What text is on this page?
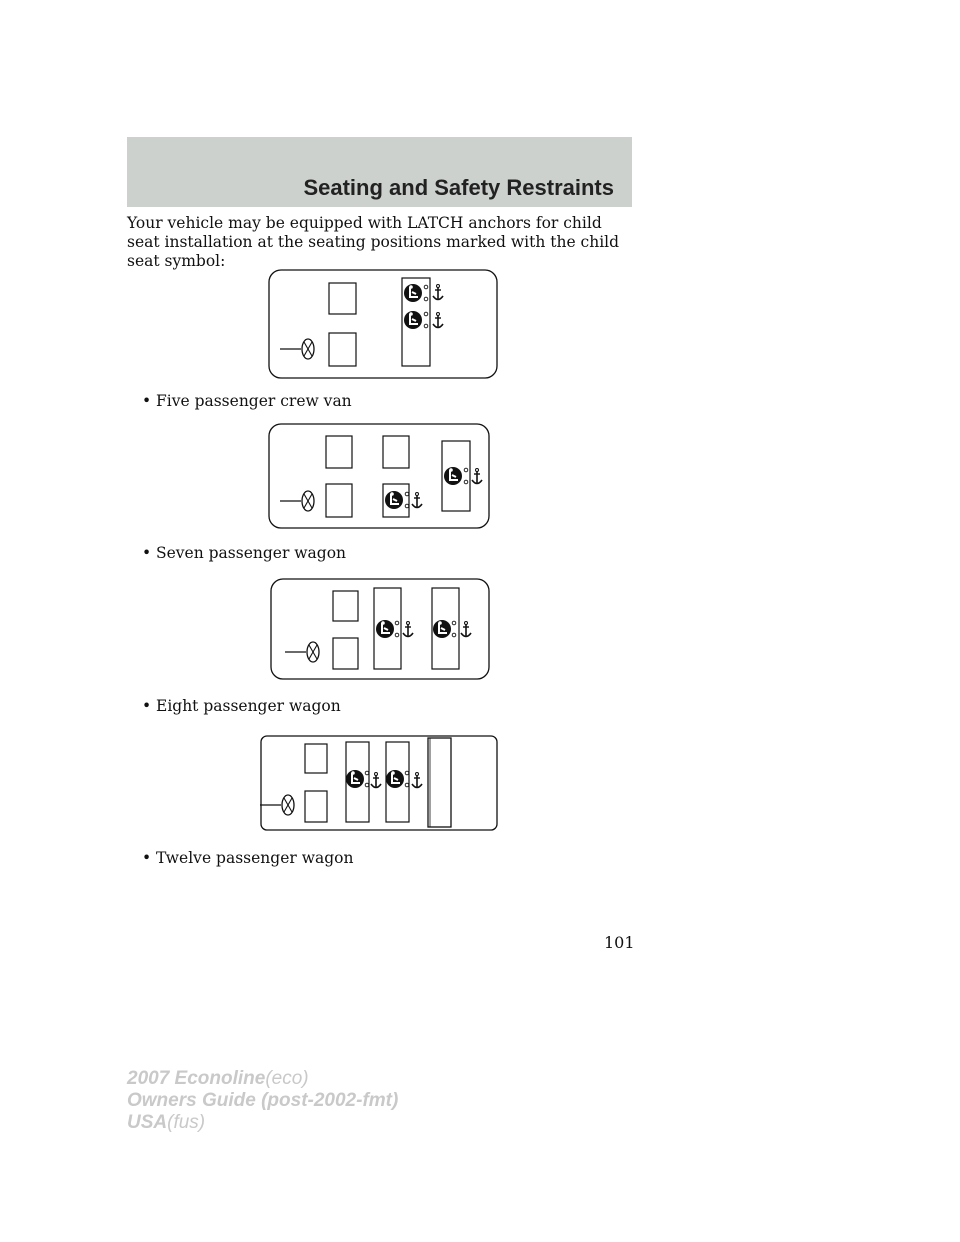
Seating and Safety Restraints
Your vehicle may be equipped with LATCH anchors for child seat installation at the seating positions marked with the child seat symbol:
• Five passenger crew van
• Seven passenger wagon
• Eight passenger wagon
• Twelve passenger wagon
101
2007 Econoline(eco)
Owners Guide (post-2002-fmt)
USA(fus)
